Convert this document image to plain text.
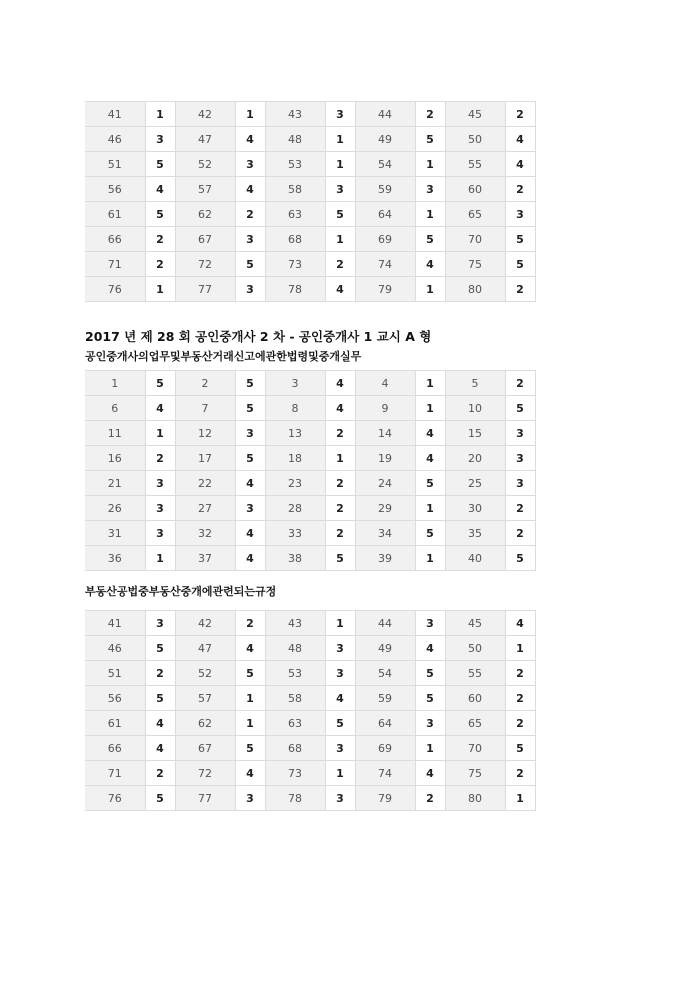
41	1	42	1	43	3	44	2	45	2
46	3	47	4	48	1	49	5	50	4
51	5	52	3	53	1	54	1	55	4
56	4	57	4	58	3	59	3	60	2
61	5	62	2	63	5	64	1	65	3
66	2	67	3	68	1	69	5	70	5
71	2	72	5	73	2	74	4	75	5
76	1	77	3	78	4	79	1	80	2
2017 년 제 28 회 공인중개사 2 차 - 공인중개사 1 교시 A 형
공인중개사의업무및부동산거래신고에관한법령및중개실무
1	5	2	5	3	4	4	1	5	2
6	4	7	5	8	4	9	1	10	5
11	1	12	3	13	2	14	4	15	3
16	2	17	5	18	1	19	4	20	3
21	3	22	4	23	2	24	5	25	3
26	3	27	3	28	2	29	1	30	2
31	3	32	4	33	2	34	5	35	2
36	1	37	4	38	5	39	1	40	5
부동산공법중부동산중개에관련되는규정
41	3	42	2	43	1	44	3	45	4
46	5	47	4	48	3	49	4	50	1
51	2	52	5	53	3	54	5	55	2
56	5	57	1	58	4	59	5	60	2
61	4	62	1	63	5	64	3	65	2
66	4	67	5	68	3	69	1	70	5
71	2	72	4	73	1	74	4	75	2
76	5	77	3	78	3	79	2	80	1
